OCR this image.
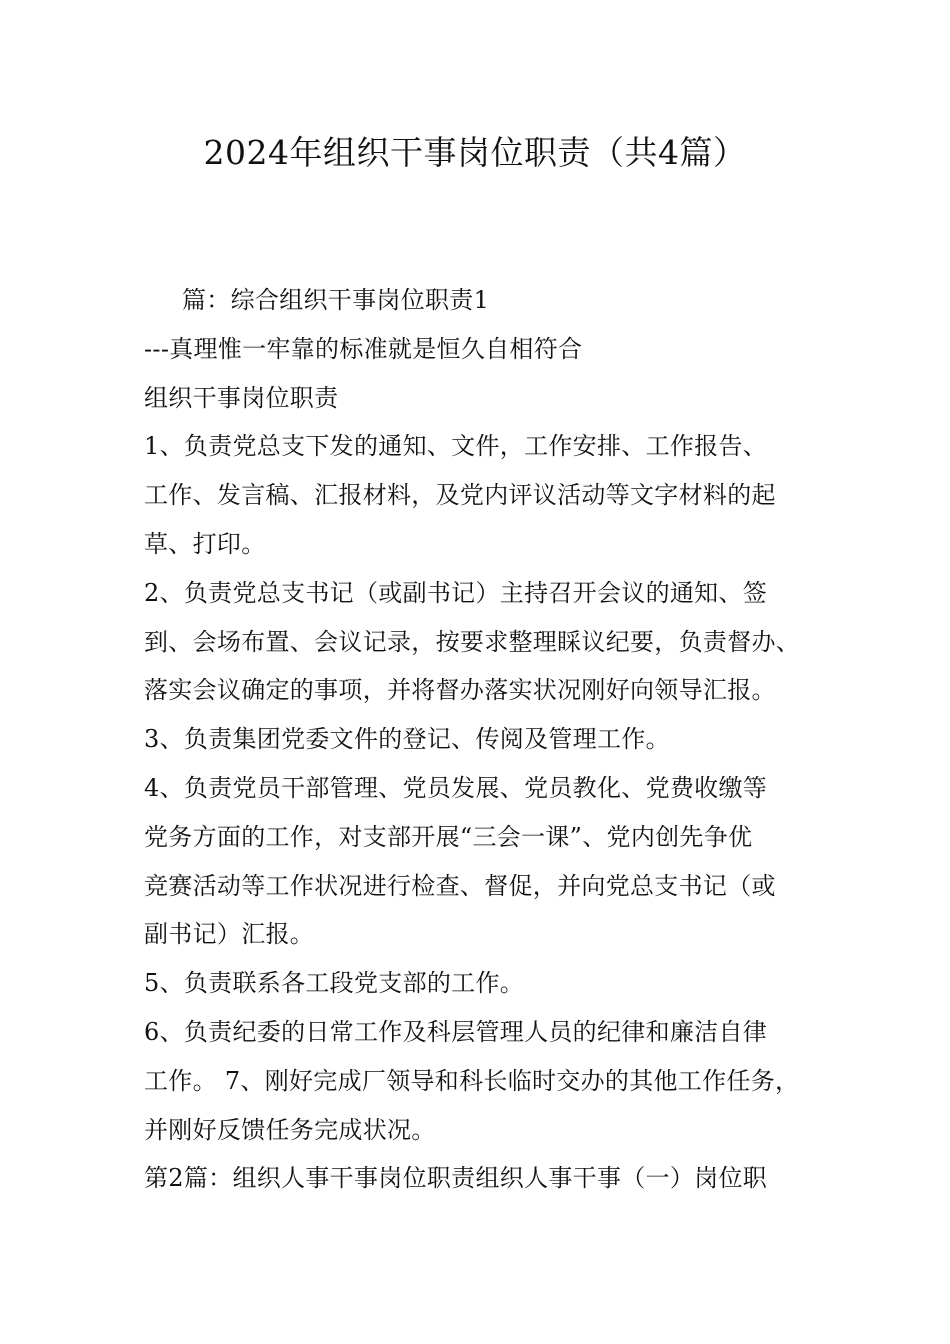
2024年组织干事岗位职责（共4篇）
篇：综合组织干事岗位职责1
---真理惟一牢靠的标准就是恒久自相符合
组织干事岗位职责
1、负责党总支下发的通知、文件，工作安排、工作报告、
工作、发言稿、汇报材料，及党内评议活动等文字材料的起
草、打印。
2、负责党总支书记（或副书记）主持召开会议的通知、签
到、会场布置、会议记录，按要求整理睬议纪要，负责督办、
落实会议确定的事项，并将督办落实状况刚好向领导汇报。
3、负责集团党委文件的登记、传阅及管理工作。
4、负责党员干部管理、党员发展、党员教化、党费收缴等
党务方面的工作，对支部开展“三会一课”、党内创先争优
竞赛活动等工作状况进行检查、督促，并向党总支书记（或
副书记）汇报。
5、负责联系各工段党支部的工作。
6、负责纪委的日常工作及科层管理人员的纪律和廉洁自律
工作。 7、刚好完成厂领导和科长临时交办的其他工作任务，
并刚好反馈任务完成状况。
第2篇：组织人事干事岗位职责组织人事干事（一）岗位职
